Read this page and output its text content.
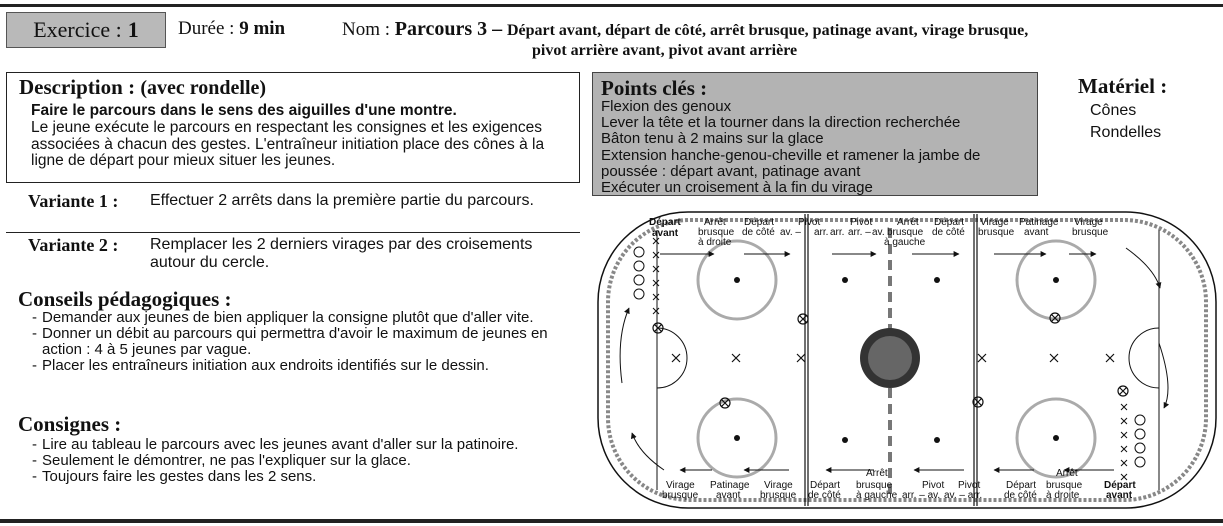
Exercice : 1 Durée : 9 min	Nom : Parcours 3 – Départ avant, départ de côté, arrêt brusque, patinage avant, virage brusque,
pivot arrière avant, pivot avant arrière

Description : (avec rondelle)

Faire le parcours dans le sens des aiguilles d'une montre.

Le jeune exécute le parcours en respectant les consignes et les exigences associées à chacun des gestes. L'entraîneur initiation place des cônes à la ligne de départ pour mieux situer les jeunes.

Variante 1 : Effectuer 2 arrêts dans la première partie du parcours.
Variante 2 : Remplacer les 2 derniers virages par des croisements autour du cercle.
Conseils pédagogiques :
- Demander aux jeunes de bien appliquer la consigne plutôt que d'aller vite.
- Donner un débit au parcours qui permettra d'avoir le maximum de jeunes en action : 4 à 5 jeunes par vague.
- Placer les entraîneurs initiation aux endroits identifiés sur le dessin.
Consignes :
- Lire au tableau le parcours avec les jeunes avant d'aller sur la patinoire.
- Seulement le démontrer, ne pas l'expliquer sur la glace.
- Toujours faire les gestes dans les 2 sens.

Points clés :

Flexion des genoux
Lever la tête et la tourner dans la direction recherchée
Bâton tenu à 2 mains sur la glace
Extension hanche-genou-cheville et ramener la jambe de poussée : départ avant, patinage avant
Exécuter un croisement à la fin du virage
Matériel :
Cônes
Rondelles
Départ avant
Arrêt brusque à droite
Départ de côté
Pivot av. – arr.
Pivot arr. arr. –av.
Arrêt brusque à gauche
Départ de côté
Virage brusque
Patinage avant
Virage brusque
Virage brusque
Patinage avant
Virage brusque
Départ de côté
Arrêt brusque à gauche
Pivot arr. – av.
Pivot av. – arr.
Départ de côté
Arrêt brusque à droite
Départ avant
